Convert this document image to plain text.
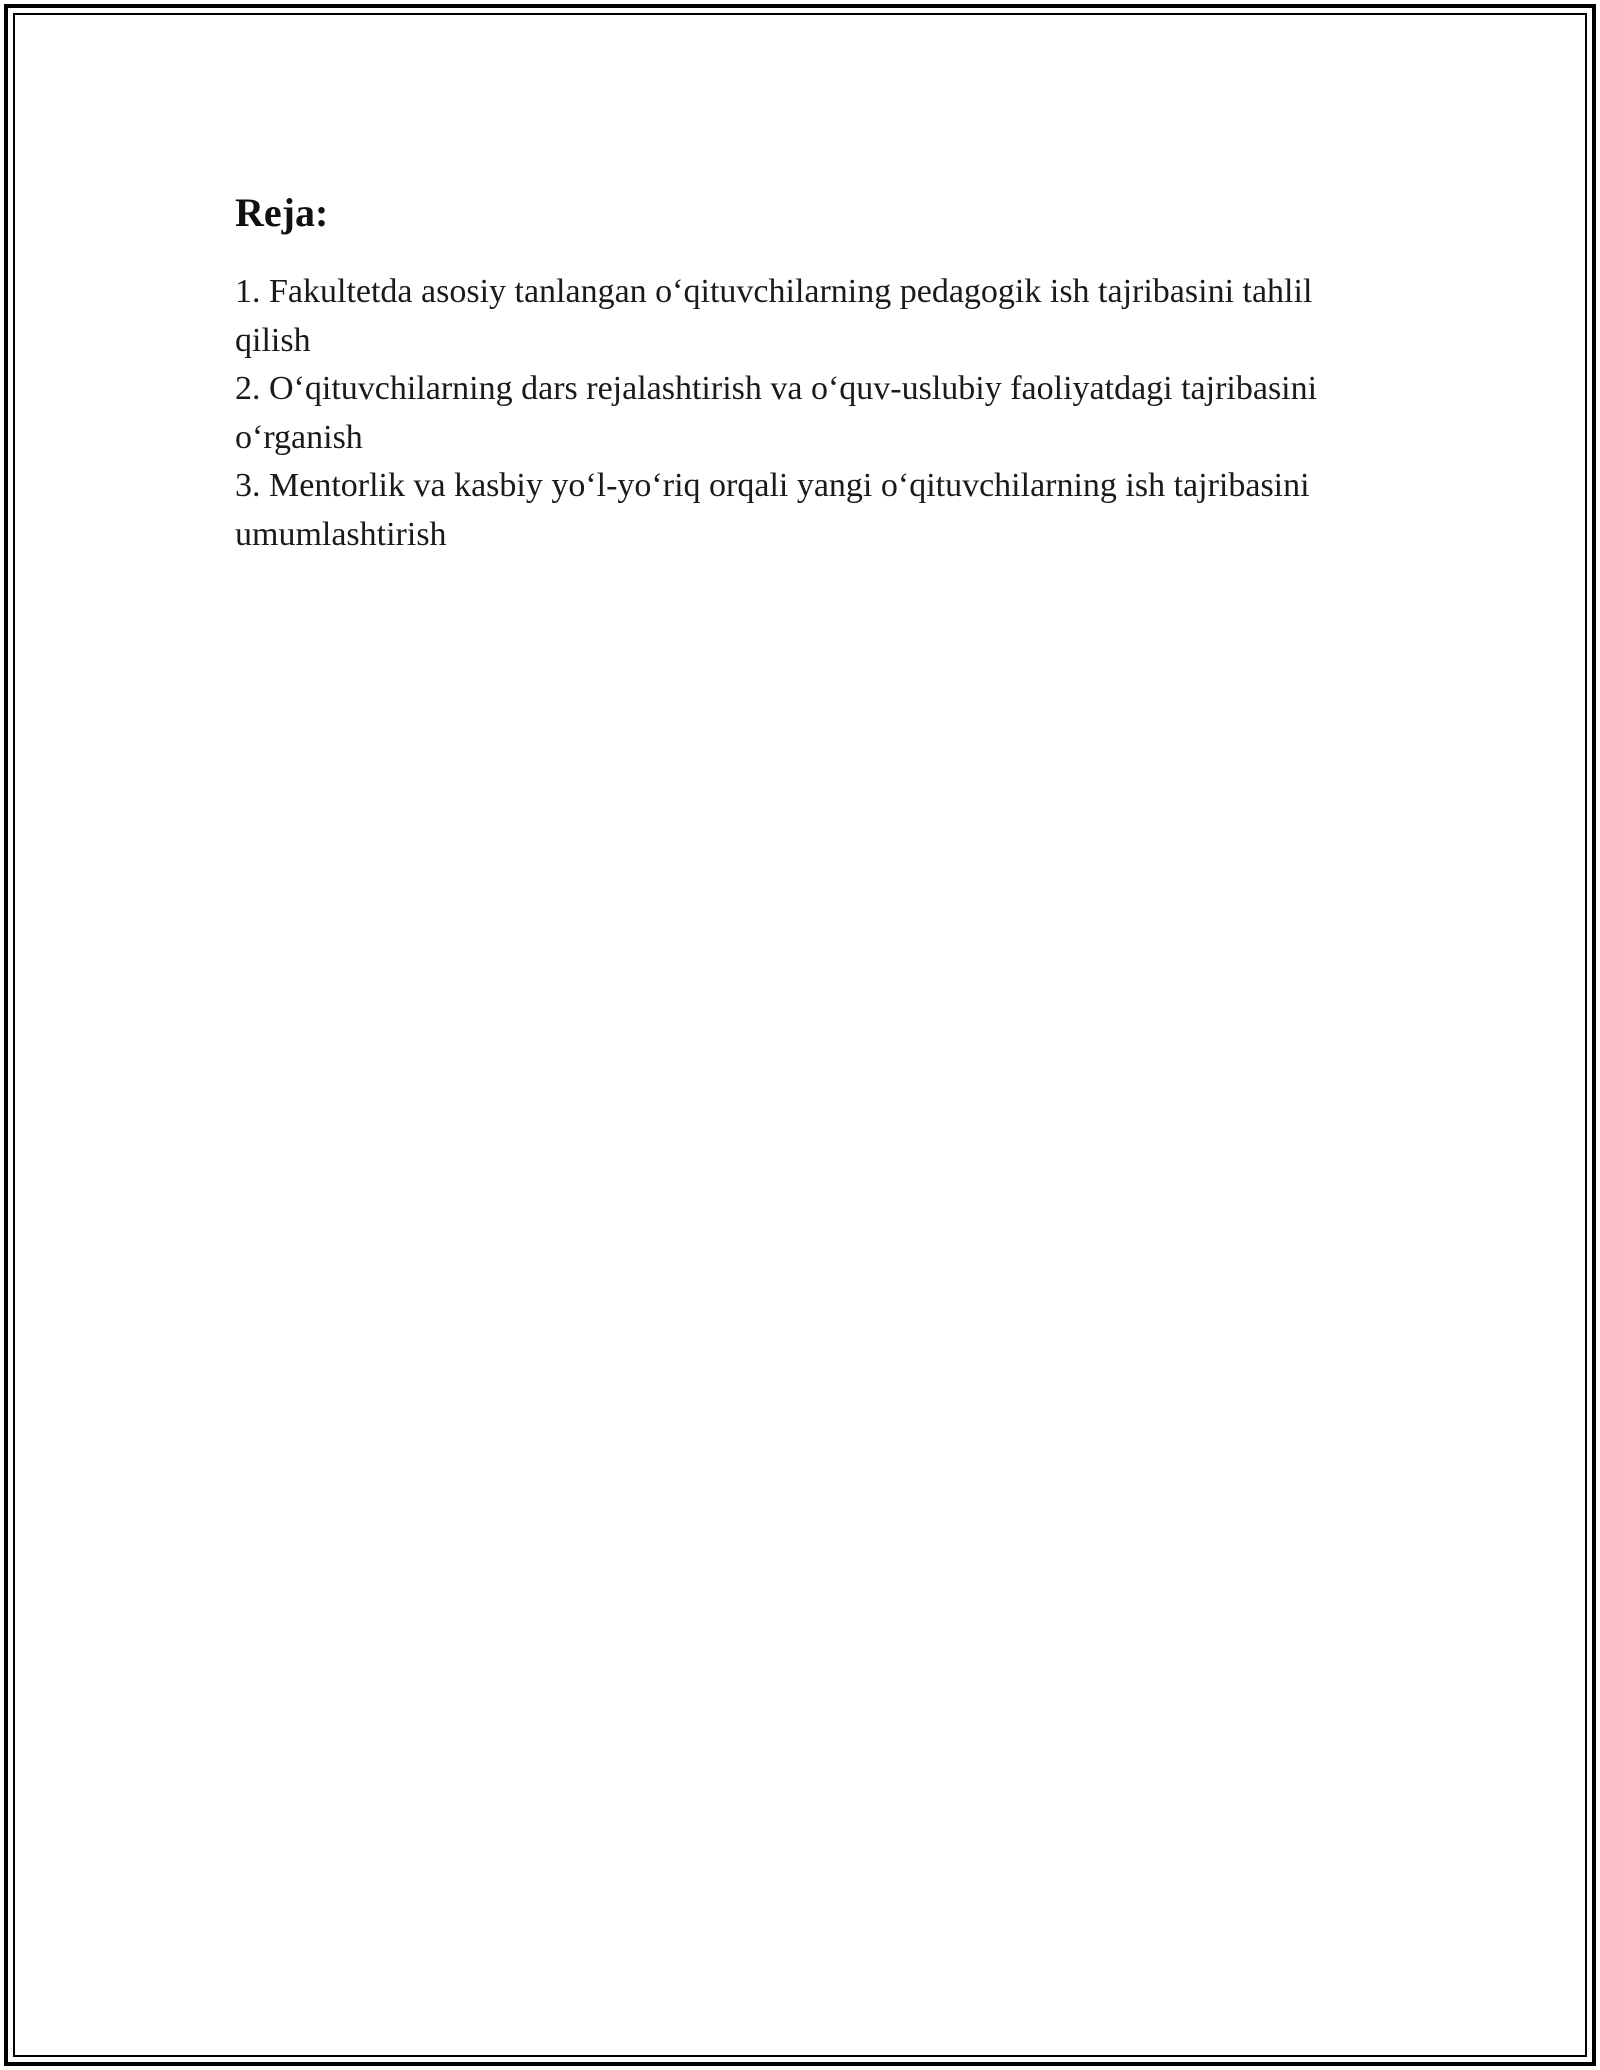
Reja:
1. Fakultetda asosiy tanlangan o‘qituvchilarning pedagogik ish tajribasini tahlil qilish
2. O‘qituvchilarning dars rejalashtirish va o‘quv-uslubiy faoliyatdagi tajribasini o‘rganish
3. Mentorlik va kasbiy yo‘l-yo‘riq orqali yangi o‘qituvchilarning ish tajribasini umumlashtirish
